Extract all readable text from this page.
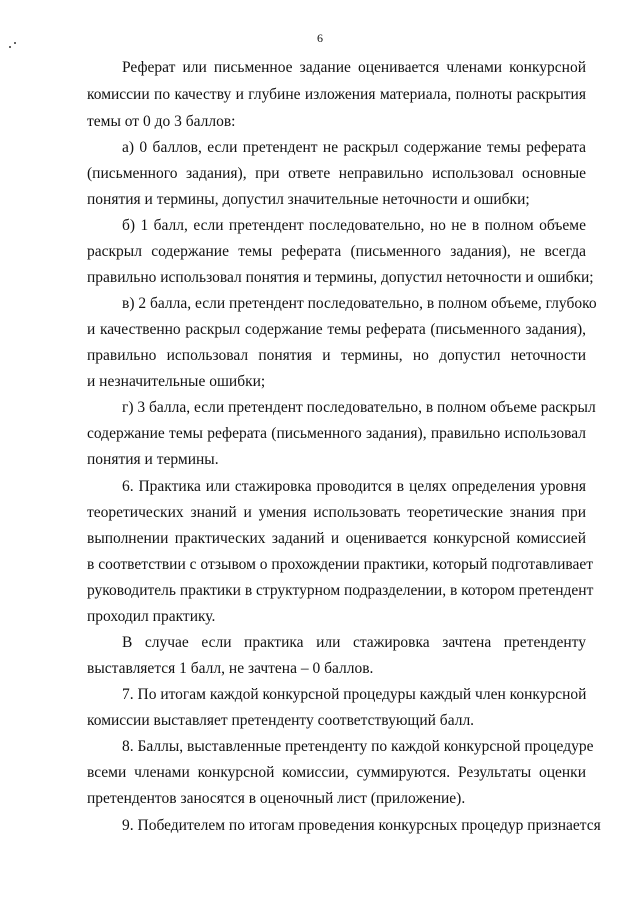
6
Реферат или письменное задание оценивается членами конкурсной
комиссии по качеству и глубине изложения материала, полноты раскрытия
темы от 0 до 3 баллов:
а) 0 баллов, если претендент не раскрыл содержание темы реферата
(письменного задания), при ответе неправильно использовал основные
понятия и термины, допустил значительные неточности и ошибки;
б) 1 балл, если претендент последовательно, но не в полном объеме
раскрыл содержание темы реферата (письменного задания), не всегда
правильно использовал понятия и термины, допустил неточности и ошибки;
в) 2 балла, если претендент последовательно, в полном объеме, глубоко
и качественно раскрыл содержание темы реферата (письменного задания),
правильно использовал понятия и термины, но допустил неточности
и незначительные ошибки;
г) 3 балла, если претендент последовательно, в полном объеме раскрыл
содержание темы реферата (письменного задания), правильно использовал
понятия и термины.
6. Практика или стажировка проводится в целях определения уровня
теоретических знаний и умения использовать теоретические знания при
выполнении практических заданий и оценивается конкурсной комиссией
в соответствии с отзывом о прохождении практики, который подготавливает
руководитель практики в структурном подразделении, в котором претендент
проходил практику.
В случае если практика или стажировка зачтена претенденту
выставляется 1 балл, не зачтена – 0 баллов.
7. По итогам каждой конкурсной процедуры каждый член конкурсной
комиссии выставляет претенденту соответствующий балл.
8. Баллы, выставленные претенденту по каждой конкурсной процедуре
всеми членами конкурсной комиссии, суммируются. Результаты оценки
претендентов заносятся в оценочный лист (приложение).
9. Победителем по итогам проведения конкурсных процедур признается
